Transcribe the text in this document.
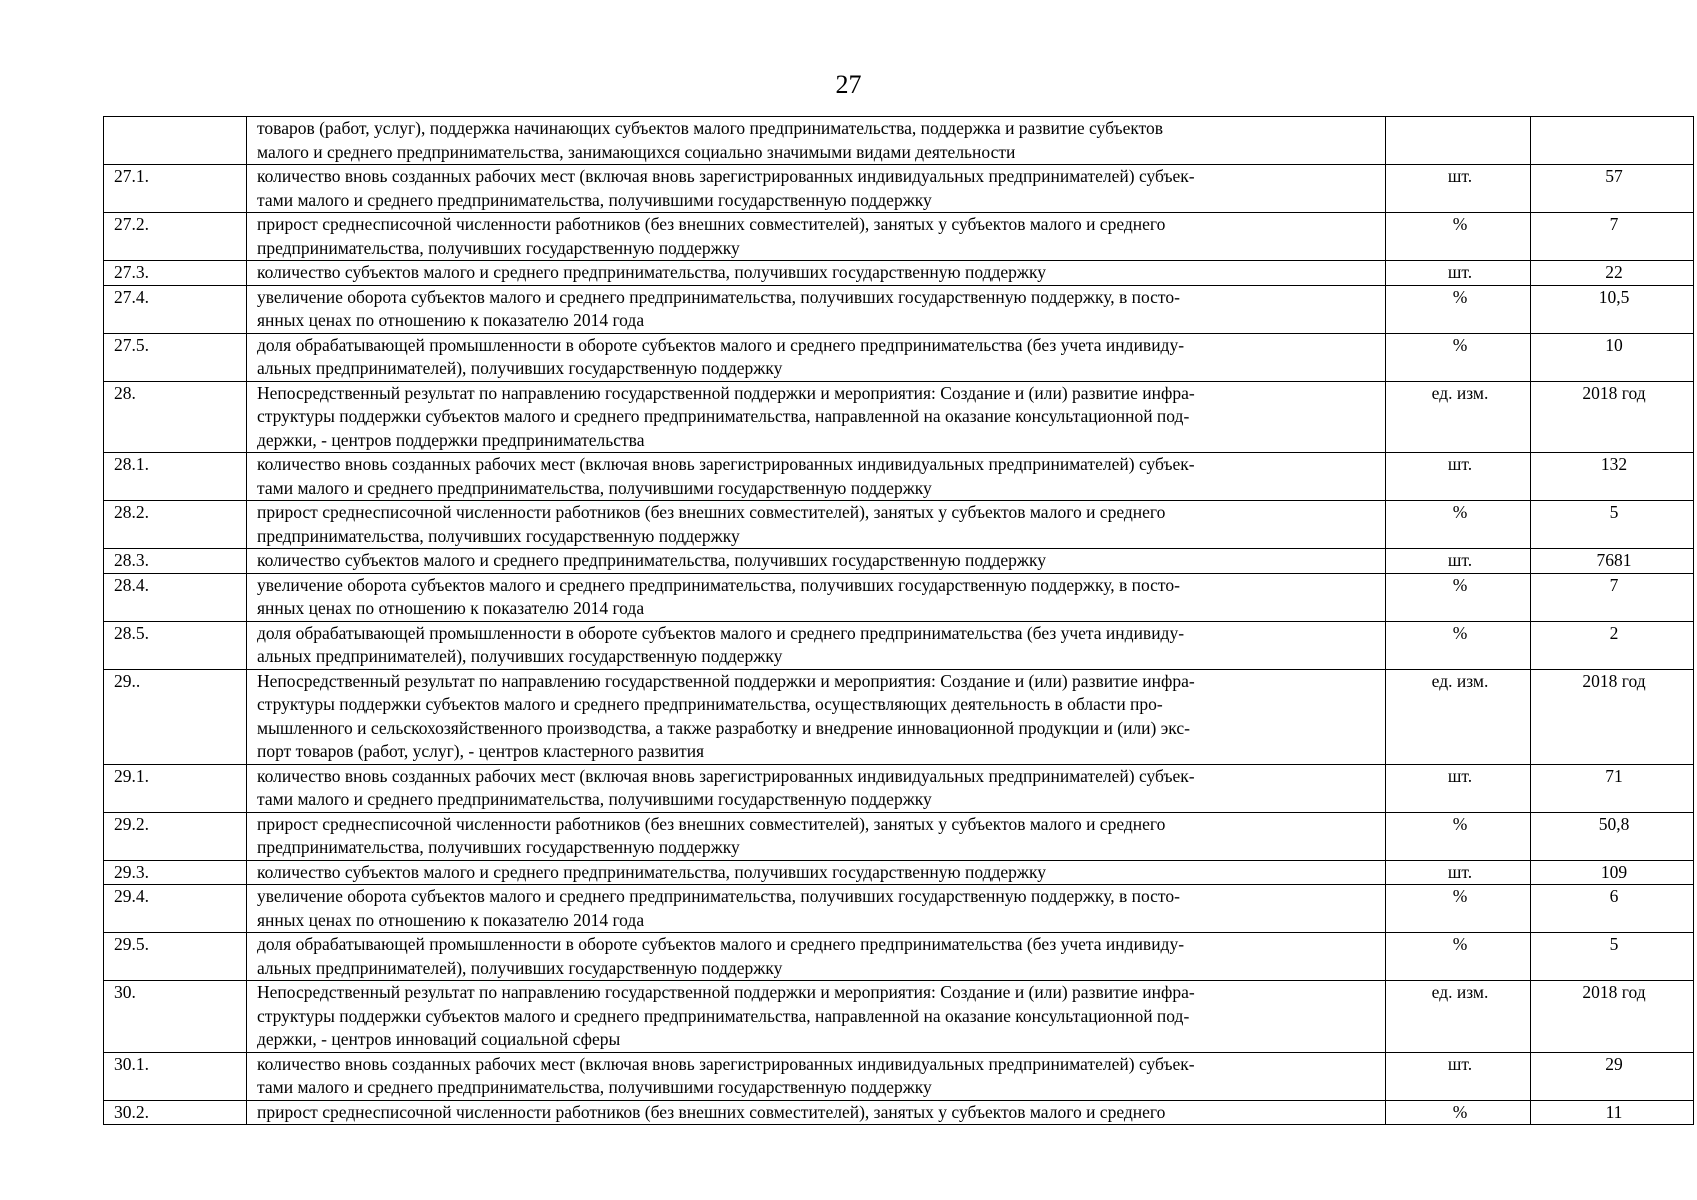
27

	товаров (работ, услуг), поддержка начинающих субъектов малого предпринимательства, поддержка и развитие субъектов
малого и среднего предпринимательства, занимающихся социально значимыми видами деятельности		

27.1.	количество вновь созданных рабочих мест (включая вновь зарегистрированных индивидуальных предпринимателей) субъек-
тами малого и среднего предпринимательства, получившими государственную поддержку	шт.	57
27.2.	прирост среднесписочной численности работников (без внешних совместителей), занятых у субъектов малого и среднего
предпринимательства, получивших государственную поддержку	%	7
27.3.	количество субъектов малого и среднего предпринимательства, получивших государственную поддержку	шт.	22
27.4.	увеличение оборота субъектов малого и среднего предпринимательства, получивших государственную поддержку, в посто-
янных ценах по отношению к показателю 2014 года	%	10,5
27.5.	доля обрабатывающей промышленности в обороте субъектов малого и среднего предпринимательства (без учета индивиду-
альных предпринимателей), получивших государственную поддержку	%	10
28.	Непосредственный результат по направлению государственной поддержки и мероприятия: Создание и (или) развитие инфра-
структуры поддержки субъектов малого и среднего предпринимательства, направленной на оказание консультационной под-
держки, - центров поддержки предпринимательства	ед. изм.	2018 год
28.1.	количество вновь созданных рабочих мест (включая вновь зарегистрированных индивидуальных предпринимателей) субъек-
тами малого и среднего предпринимательства, получившими государственную поддержку	шт.	132
28.2.	прирост среднесписочной численности работников (без внешних совместителей), занятых у субъектов малого и среднего
предпринимательства, получивших государственную поддержку	%	5
28.3.	количество субъектов малого и среднего предпринимательства, получивших государственную поддержку	шт.	7681
28.4.	увеличение оборота субъектов малого и среднего предпринимательства, получивших государственную поддержку, в посто-
янных ценах по отношению к показателю 2014 года	%	7
28.5.	доля обрабатывающей промышленности в обороте субъектов малого и среднего предпринимательства (без учета индивиду-
альных предпринимателей), получивших государственную поддержку	%	2
29..	Непосредственный результат по направлению государственной поддержки и мероприятия: Создание и (или) развитие инфра-
структуры поддержки субъектов малого и среднего предпринимательства, осуществляющих деятельность в области про-
мышленного и сельскохозяйственного производства, а также разработку и внедрение инновационной продукции и (или) экс-
порт товаров (работ, услуг), - центров кластерного развития	ед. изм.	2018 год
29.1.	количество вновь созданных рабочих мест (включая вновь зарегистрированных индивидуальных предпринимателей) субъек-
тами малого и среднего предпринимательства, получившими государственную поддержку	шт.	71
29.2.	прирост среднесписочной численности работников (без внешних совместителей), занятых у субъектов малого и среднего
предпринимательства, получивших государственную поддержку	%	50,8
29.3.	количество субъектов малого и среднего предпринимательства, получивших государственную поддержку	шт.	109
29.4.	увеличение оборота субъектов малого и среднего предпринимательства, получивших государственную поддержку, в посто-
янных ценах по отношению к показателю 2014 года	%	6
29.5.	доля обрабатывающей промышленности в обороте субъектов малого и среднего предпринимательства (без учета индивиду-
альных предпринимателей), получивших государственную поддержку	%	5
30.	Непосредственный результат по направлению государственной поддержки и мероприятия: Создание и (или) развитие инфра-
структуры поддержки субъектов малого и среднего предпринимательства, направленной на оказание консультационной под-
держки, - центров инноваций социальной сферы	ед. изм.	2018 год
30.1.	количество вновь созданных рабочих мест (включая вновь зарегистрированных индивидуальных предпринимателей) субъек-
тами малого и среднего предпринимательства, получившими государственную поддержку	шт.	29
30.2.	прирост среднесписочной численности работников (без внешних совместителей), занятых у субъектов малого и среднего	%	11
